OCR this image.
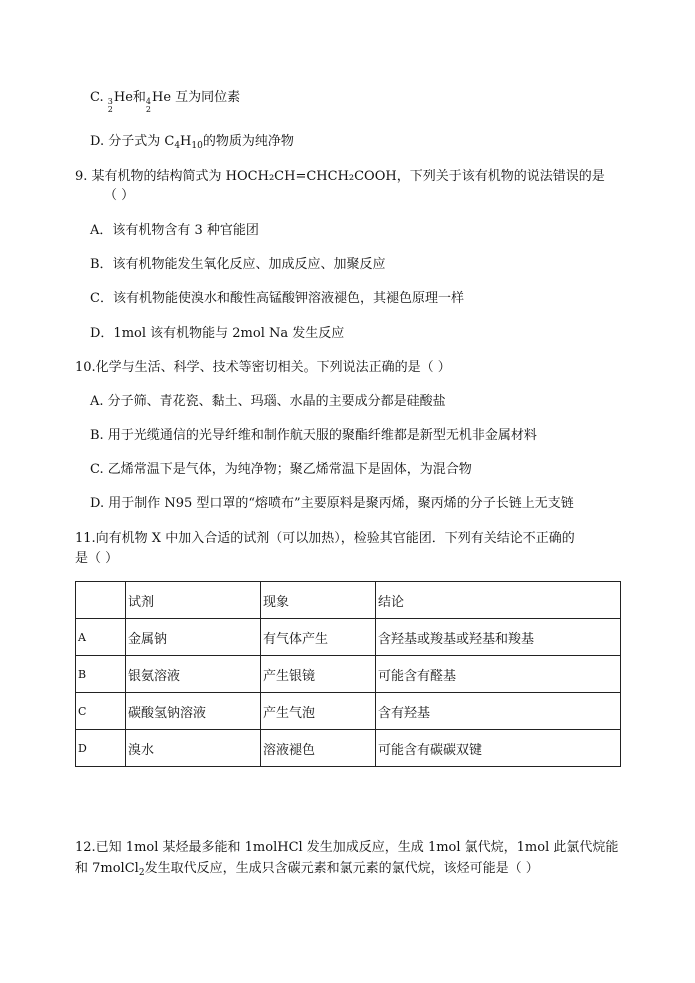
C. 3
2
He和 4
2
He 互为同位素
D. 分子式为 $C_4H_{10}$的物质为纯净物
9. 某有机物的结构简式为 HOCH₂CH=CHCH₂COOH，下列关于该有机物的说法错误的是
（ ）
A．该有机物含有 3 种官能团
B．该有机物能发生氧化反应、加成反应、加聚反应
C．该有机物能使溴水和酸性高锰酸钾溶液褪色，其褪色原理一样
D．1mol 该有机物能与 2mol Na 发生反应
10.化学与生活、科学、技术等密切相关。下列说法正确的是（ ）
A. 分子筛、青花瓷、黏土、玛瑙、水晶的主要成分都是硅酸盐
B. 用于光缆通信的光导纤维和制作航天服的聚酯纤维都是新型无机非金属材料
C. 乙烯常温下是气体，为纯净物；聚乙烯常温下是固体，为混合物
D. 用于制作 N95 型口罩的“熔喷布”主要原料是聚丙烯，聚丙烯的分子长链上无支链
11.向有机物 X 中加入合适的试剂（可以加热），检验其官能团．下列有关结论不正确的
是（ ）
	试剂	现象	结论
A	金属钠	有气体产生	含羟基或羧基或羟基和羧基
B	银氨溶液	产生银镜	可能含有醛基
C	碳酸氢钠溶液	产生气泡	含有羟基
D	溴水	溶液褪色	可能含有碳碳双键
12.已知 1mol 某烃最多能和 1molHCl 发生加成反应，生成 1mol 氯代烷，1mol 此氯代烷能
和 7molCl$_2$发生取代反应，生成只含碳元素和氯元素的氯代烷，该烃可能是（ ）
